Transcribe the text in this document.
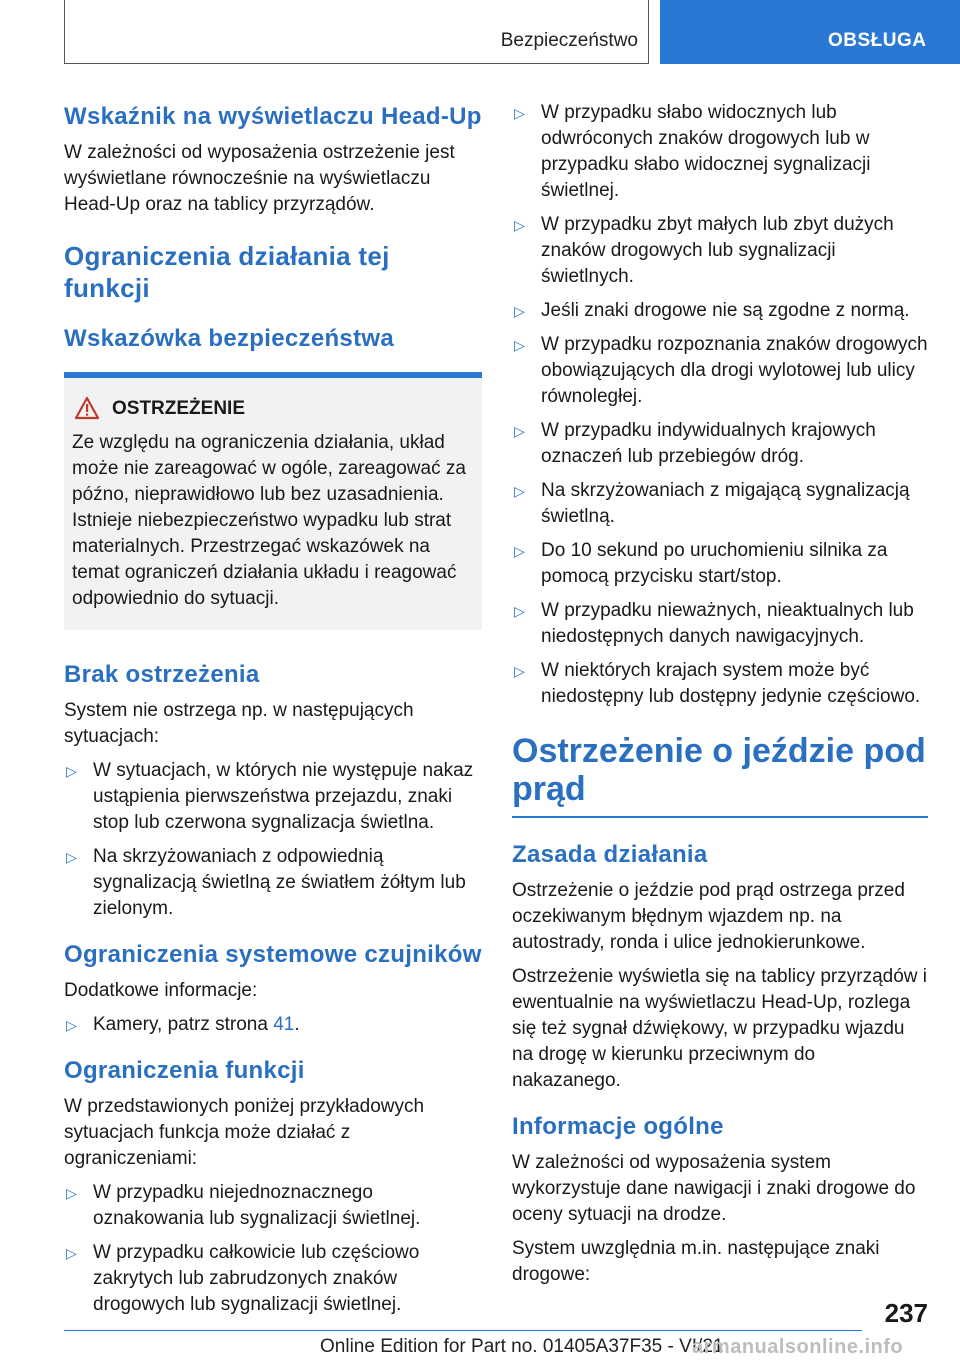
Bezpieczeństwo	OBSŁUGA
Wskaźnik na wyświetlaczu Head-Up

W zależności od wyposażenia ostrzeżenie jest wyświetlane równocześnie na wyświetlaczu Head-Up oraz na tablicy przyrządów.

Ograniczenia działania tej funkcji
Wskazówka bezpieczeństwa
OSTRZEŻENIE

Ze względu na ograniczenia działania, układ może nie zareagować w ogóle, zareagować za późno, nieprawidłowo lub bez uzasadnienia. Istnieje niebezpieczeństwo wypadku lub strat materialnych. Przestrzegać wskazówek na temat ograniczeń działania układu i reagować odpowiednio do sytuacji.

Brak ostrzeżenia

System nie ostrzega np. w następujących sytuacjach:

▷ W sytuacjach, w których nie występuje nakaz ustąpienia pierwszeństwa przejazdu, znaki stop lub czerwona sygnalizacja świetlna.
▷ Na skrzyżowaniach z odpowiednią sygnalizacją świetlną ze światłem żółtym lub zielonym.
Ograniczenia systemowe czujników

Dodatkowe informacje:

▷ Kamery, patrz strona 41.
Ograniczenia funkcji

W przedstawionych poniżej przykładowych sytuacjach funkcja może działać z ograniczeniami:

▷ W przypadku niejednoznacznego oznakowania lub sygnalizacji świetlnej.
▷ W przypadku całkowicie lub częściowo zakrytych lub zabrudzonych znaków drogowych lub sygnalizacji świetlnej.
▷ W przypadku słabo widocznych lub odwróconych znaków drogowych lub w przypadku słabo widocznej sygnalizacji świetlnej.
▷ W przypadku zbyt małych lub zbyt dużych znaków drogowych lub sygnalizacji świetlnych.
▷ Jeśli znaki drogowe nie są zgodne z normą.
▷ W przypadku rozpoznania znaków drogowych obowiązujących dla drogi wylotowej lub ulicy równoległej.
▷ W przypadku indywidualnych krajowych oznaczeń lub przebiegów dróg.
▷ Na skrzyżowaniach z migającą sygnalizacją świetlną.
▷ Do 10 sekund po uruchomieniu silnika za pomocą przycisku start/stop.
▷ W przypadku nieważnych, nieaktualnych lub niedostępnych danych nawigacyjnych.
▷ W niektórych krajach system może być niedostępny lub dostępny jedynie częściowo.
Ostrzeżenie o jeździe pod prąd
Zasada działania

Ostrzeżenie o jeździe pod prąd ostrzega przed oczekiwanym błędnym wjazdem np. na autostrady, ronda i ulice jednokierunkowe.

Ostrzeżenie wyświetla się na tablicy przyrządów i ewentualnie na wyświetlaczu Head-Up, rozlega się też sygnał dźwiękowy, w przypadku wjazdu na drogę w kierunku przeciwnym do nakazanego.

Informacje ogólne

W zależności od wyposażenia system wykorzystuje dane nawigacji i znaki drogowe do oceny sytuacji na drodze.

System uwzględnia m.in. następujące znaki drogowe:

237
Online Edition for Part no. 01405A37F35 - VI/21
armanualsonline.info
